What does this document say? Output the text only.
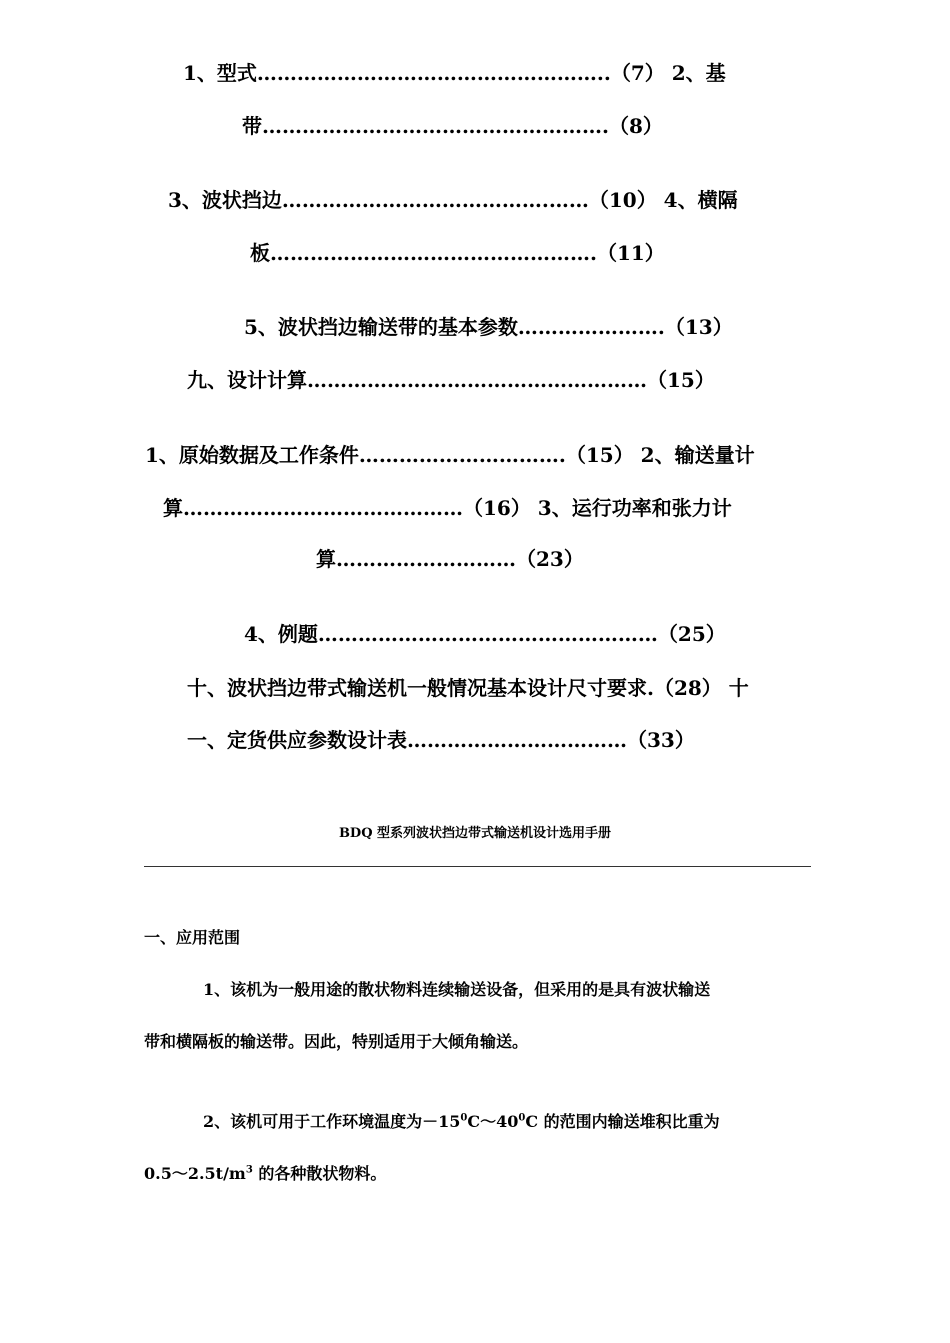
1、型式……………………………………………..（7） 2、基
带…………………………………………….（8）
3、波状挡边………………………………….……（10） 4、横隔
板………………………………………….（11）
5、波状挡边输送带的基本参数………………….（13）
九、设计计算……………………………………………（15）
1、原始数据及工作条件………………………….（15） 2、输送量计
算……………………………………（16） 3、运行功率和张力计
算………………………（23）
4、例题……………………………………………（25）
十、波状挡边带式输送机一般情况基本设计尺寸要求.（28） 十
一、定货供应参数设计表……………………………（33）
BDQ 型系列波状挡边带式输送机设计选用手册
一、应用范围
1、该机为一般用途的散状物料连续输送设备，但采用的是具有波状输送
带和横隔板的输送带。因此，特别适用于大倾角输送。
2、该机可用于工作环境温度为$-15^0C\sim 40^0C$ 的范围内输送堆积比重为
$0.5\sim 2.5t/m^3$ 的各种散状物料。
